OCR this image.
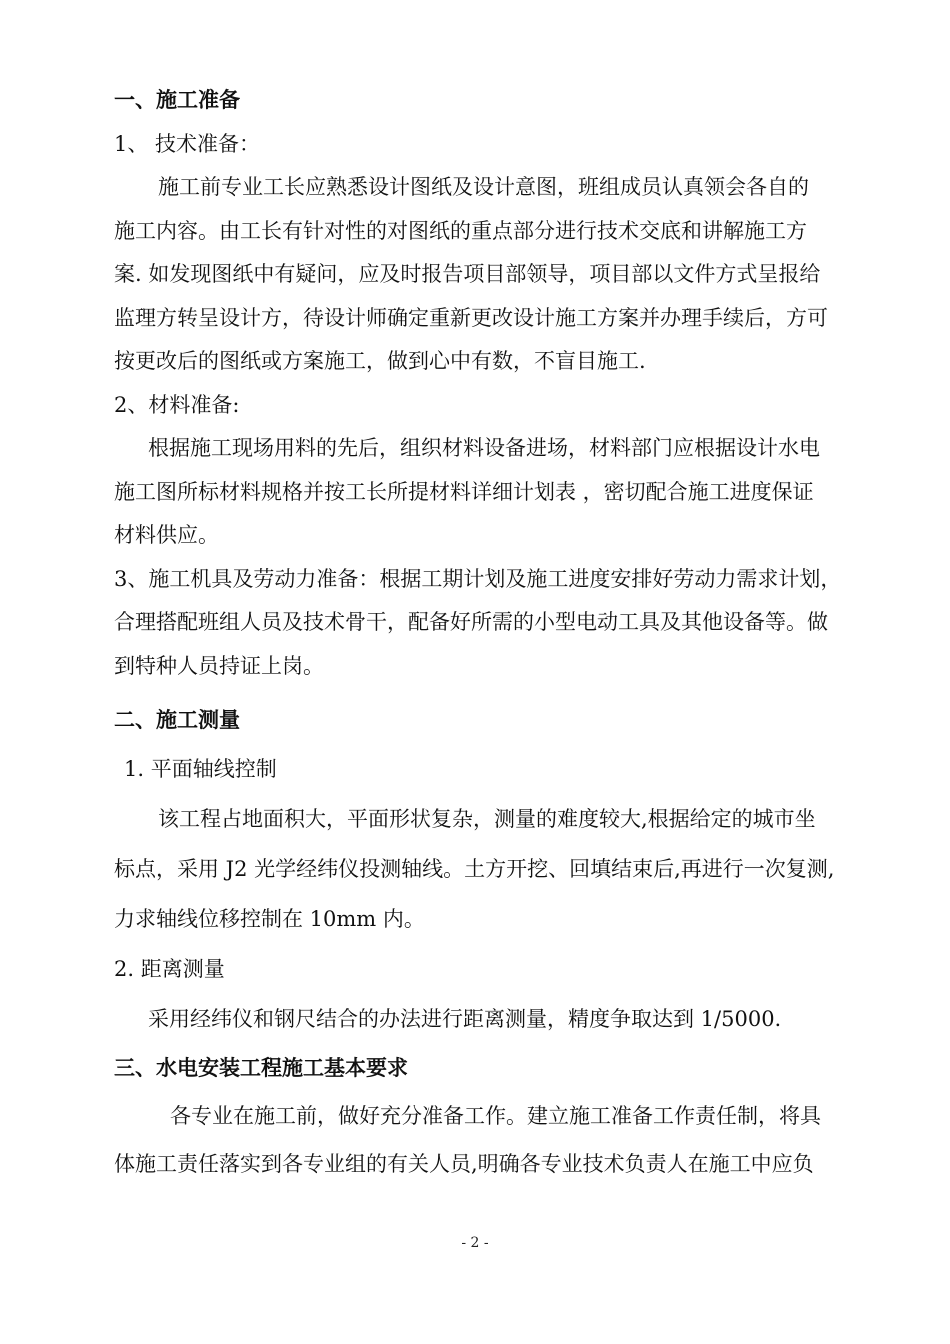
一、施工准备
1、 技术准备：
施工前专业工长应熟悉设计图纸及设计意图，班组成员认真领会各自的
施工内容。由工长有针对性的对图纸的重点部分进行技术交底和讲解施工方
案. 如发现图纸中有疑问，应及时报告项目部领导，项目部以文件方式呈报给
监理方转呈设计方，待设计师确定重新更改设计施工方案并办理手续后，方可
按更改后的图纸或方案施工，做到心中有数，不盲目施工.
2、材料准备:
根据施工现场用料的先后，组织材料设备进场，材料部门应根据设计水电
施工图所标材料规格并按工长所提材料详细计划表 ，密切配合施工进度保证
材料供应。
3、施工机具及劳动力准备：根据工期计划及施工进度安排好劳动力需求计划，
合理搭配班组人员及技术骨干，配备好所需的小型电动工具及其他设备等。做
到特种人员持证上岗。
二、施工测量
1. 平面轴线控制
该工程占地面积大，平面形状复杂，测量的难度较大,根据给定的城市坐
标点，采用 J2 光学经纬仪投测轴线。土方开挖、回填结束后,再进行一次复测,
力求轴线位移控制在 10mm 内。
2. 距离测量
采用经纬仪和钢尺结合的办法进行距离测量，精度争取达到 1/5000.
三、水电安装工程施工基本要求
各专业在施工前，做好充分准备工作。建立施工准备工作责任制，将具
体施工责任落实到各专业组的有关人员,明确各专业技术负责人在施工中应负
- 2 -
